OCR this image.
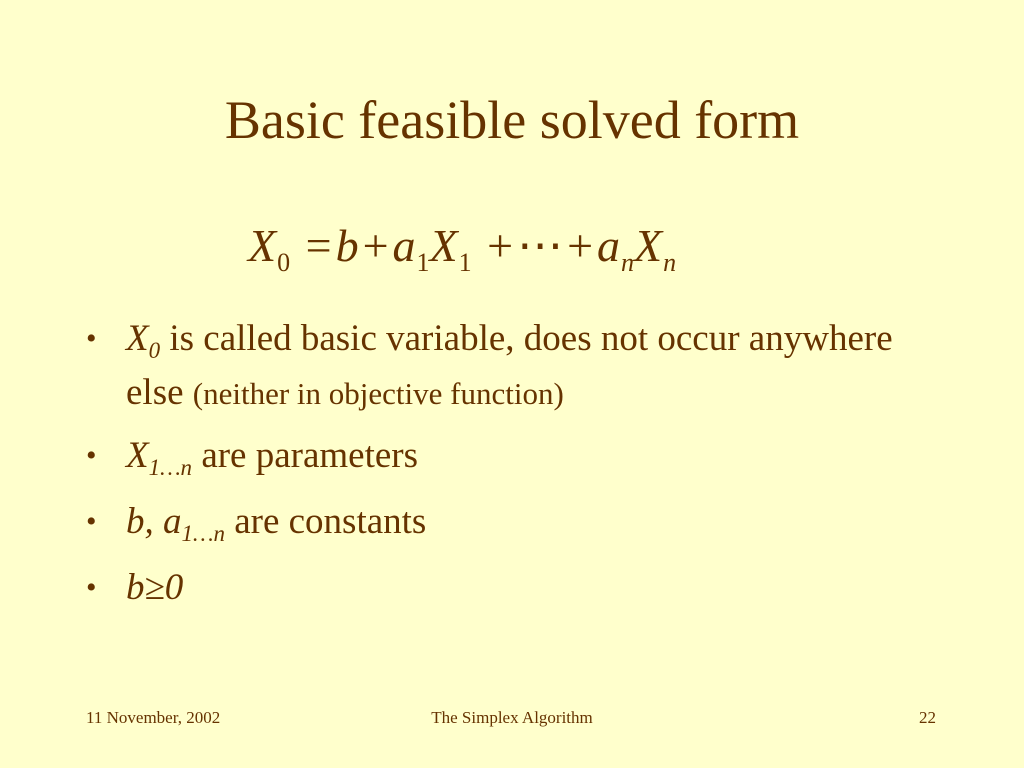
Basic feasible solved form
$X_0 =b+a_1X_1$ $+\cdots+a_nX_n$
• $X_0$ is called basic variable, does not occur anywhere else (neither in objective function)
• $X_{1\dots n}$ are parameters
• b, $a_{1\dots n}$ are constants
• b≥0
11 November, 2002	The Simplex Algorithm	22
